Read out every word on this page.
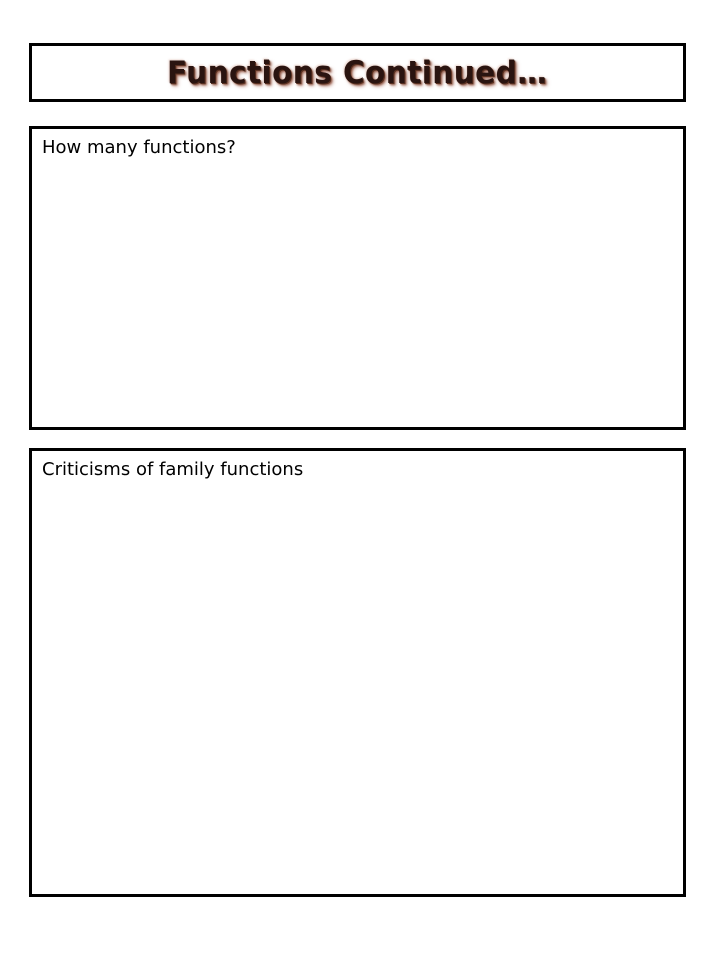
Functions Continued…
How many functions?
Criticisms of family functions
